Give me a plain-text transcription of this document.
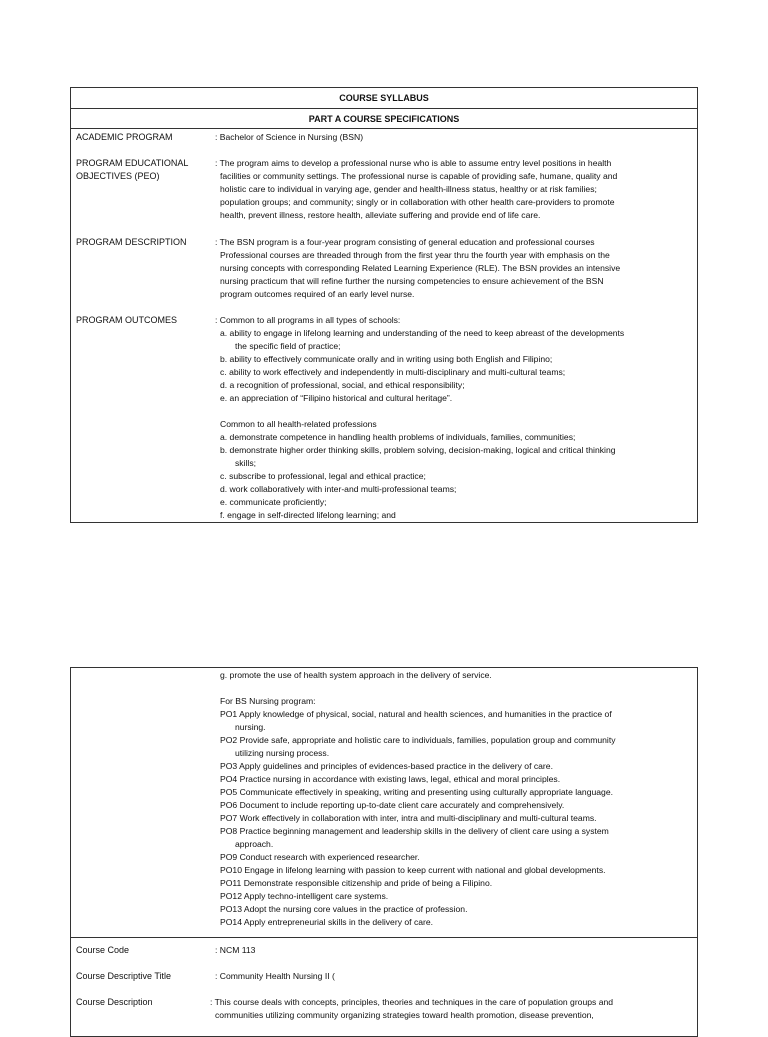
COURSE SYLLABUS
PART A COURSE SPECIFICATIONS
ACADEMIC PROGRAM	: Bachelor of Science in Nursing (BSN)
PROGRAM EDUCATIONAL
OBJECTIVES (PEO)
: The program aims to develop a professional nurse who is able to assume entry level positions in health
facilities or community settings. The professional nurse is capable of providing safe, humane, quality and
holistic care to individual in varying age, gender and health-illness status, healthy or at risk families;
population groups; and community; singly or in collaboration with other health care-providers to promote
health, prevent illness, restore health, alleviate suffering and provide end of life care.
PROGRAM DESCRIPTION	: The BSN program is a four-year program consisting of general education and professional courses
Professional courses are threaded through from the first year thru the fourth year with emphasis on the
nursing concepts with corresponding Related Learning Experience (RLE). The BSN provides an intensive
nursing practicum that will refine further the nursing competencies to ensure achievement of the BSN
program outcomes required of an early level nurse.
PROGRAM OUTCOMES	: Common to all programs in all types of schools:
a. ability to engage in lifelong learning and understanding of the need to keep abreast of the developments
the specific field of practice;
b. ability to effectively communicate orally and in writing using both English and Filipino;
c. ability to work effectively and independently in multi-disciplinary and multi-cultural teams;
d. a recognition of professional, social, and ethical responsibility;
e. an appreciation of “Filipino historical and cultural heritage”.
Common to all health-related professions
a. demonstrate competence in handling health problems of individuals, families, communities;
b. demonstrate higher order thinking skills, problem solving, decision-making, logical and critical thinking
skills;
c. subscribe to professional, legal and ethical practice;
d. work collaboratively with inter-and multi-professional teams;
e. communicate proficiently;
f. engage in self-directed lifelong learning; and
g. promote the use of health system approach in the delivery of service.
For BS Nursing program:
PO1 Apply knowledge of physical, social, natural and health sciences, and humanities in the practice of
nursing.
PO2 Provide safe, appropriate and holistic care to individuals, families, population group and community
utilizing nursing process.
PO3 Apply guidelines and principles of evidences-based practice in the delivery of care.
PO4 Practice nursing in accordance with existing laws, legal, ethical and moral principles.
PO5 Communicate effectively in speaking, writing and presenting using culturally appropriate language.
PO6 Document to include reporting up-to-date client care accurately and comprehensively.
PO7 Work effectively in collaboration with inter, intra and multi-disciplinary and multi-cultural teams.
PO8 Practice beginning management and leadership skills in the delivery of client care using a system
approach.
PO9 Conduct research with experienced researcher.
PO10 Engage in lifelong learning with passion to keep current with national and global developments.
PO11 Demonstrate responsible citizenship and pride of being a Filipino.
PO12 Apply techno-intelligent care systems.
PO13 Adopt the nursing core values in the practice of profession.
PO14 Apply entrepreneurial skills in the delivery of care.
Course Code	: NCM 113
Course Descriptive Title	: Community Health Nursing II (
Course Description	: This course deals with concepts, principles, theories and techniques in the care of population groups and
communities utilizing community organizing strategies toward health promotion, disease prevention,
